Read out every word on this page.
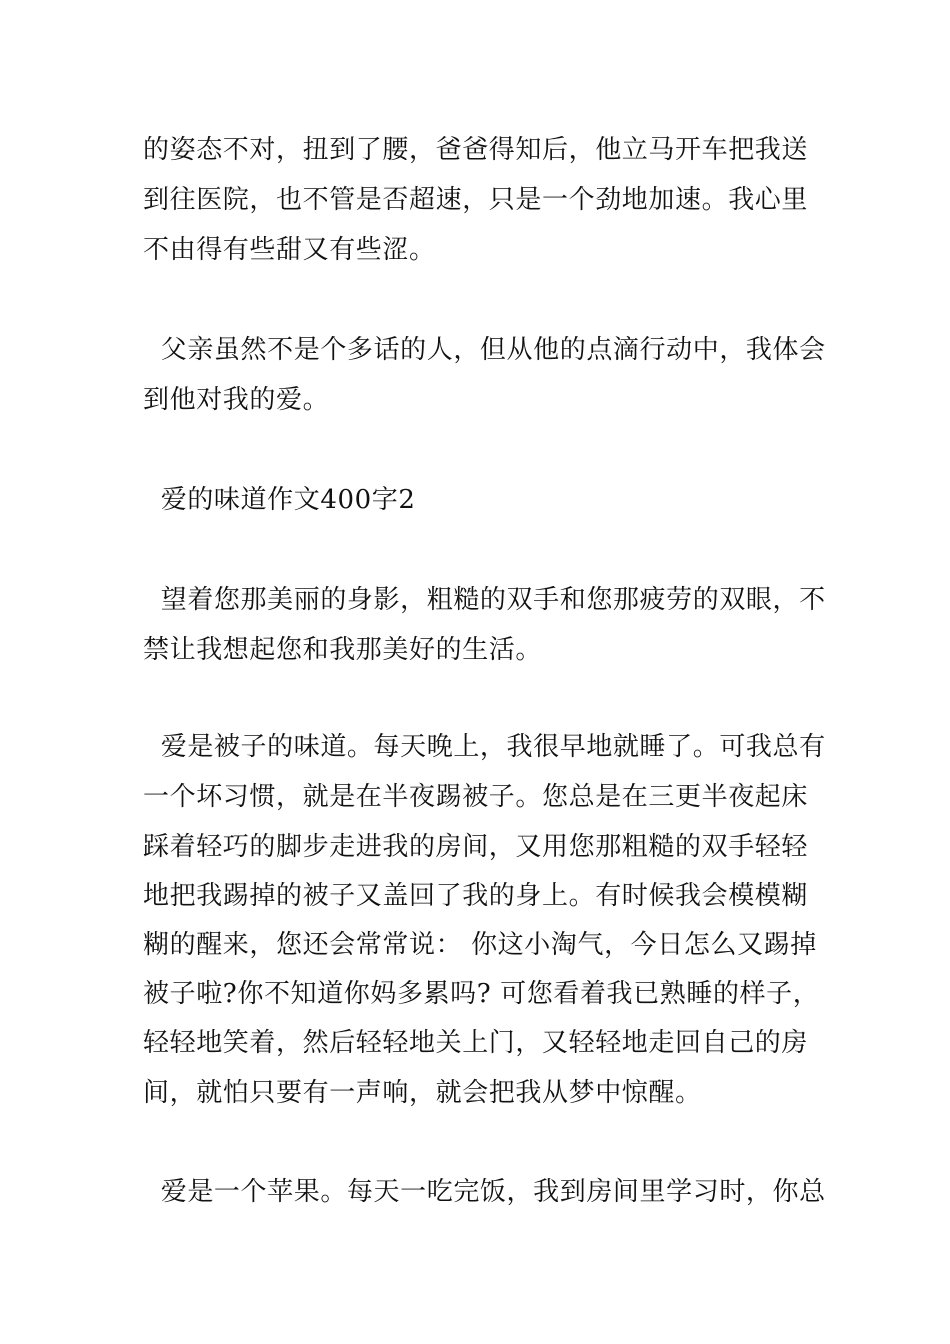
的姿态不对，扭到了腰，爸爸得知后，他立马开车把我送
到往医院，也不管是否超速，只是一个劲地加速。我心里
不由得有些甜又有些涩。
父亲虽然不是个多话的人，但从他的点滴行动中，我体会
到他对我的爱。
爱的味道作文400字2
望着您那美丽的身影，粗糙的双手和您那疲劳的双眼，不
禁让我想起您和我那美好的生活。
爱是被子的味道。每天晚上，我很早地就睡了。可我总有
一个坏习惯，就是在半夜踢被子。您总是在三更半夜起床
踩着轻巧的脚步走进我的房间，又用您那粗糙的双手轻轻
地把我踢掉的被子又盖回了我的身上。有时候我会模模糊
糊的醒来，您还会常常说： 你这小淘气，今日怎么又踢掉
被子啦?你不知道你妈多累吗? 可您看着我已熟睡的样子，
轻轻地笑着，然后轻轻地关上门，又轻轻地走回自己的房
间，就怕只要有一声响，就会把我从梦中惊醒。
爱是一个苹果。每天一吃完饭，我到房间里学习时，你总
